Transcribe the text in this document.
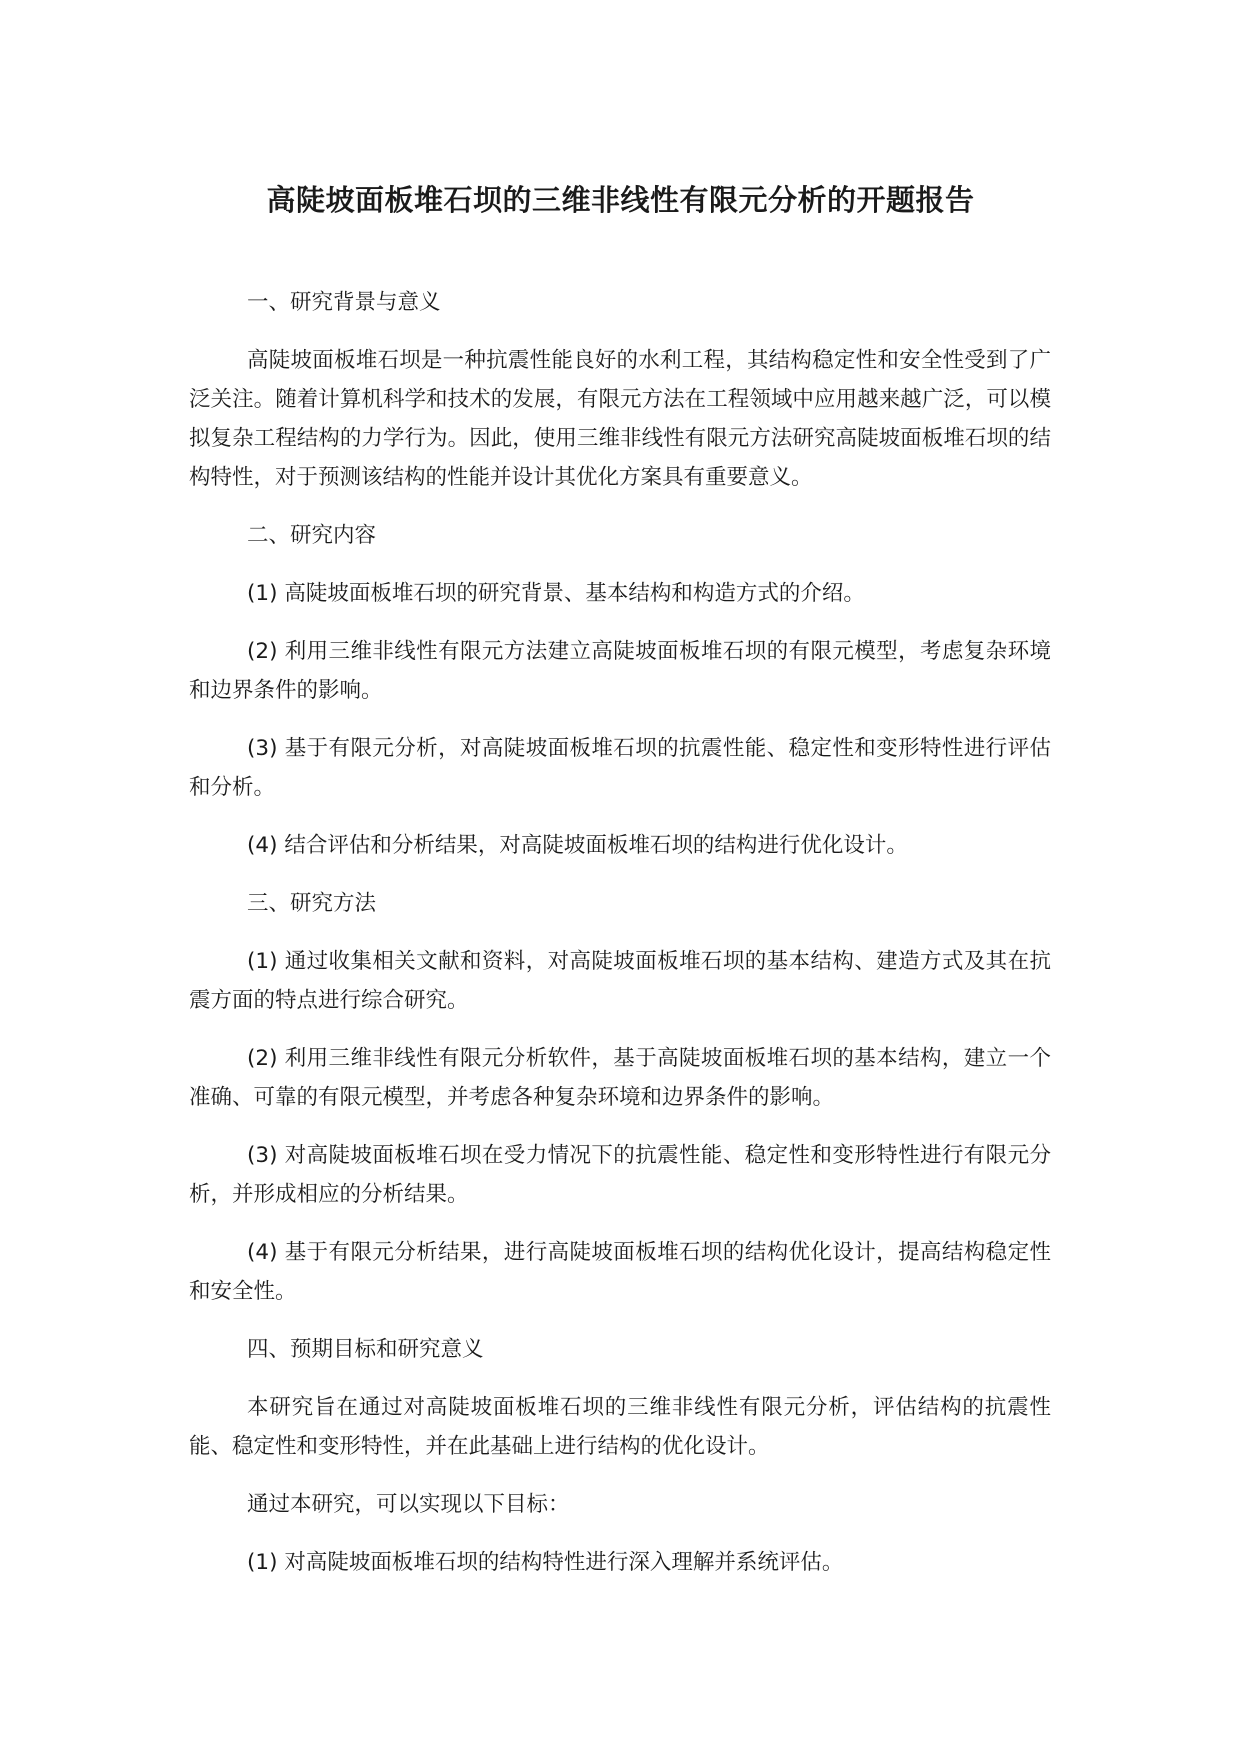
高陡坡面板堆石坝的三维非线性有限元分析的开题报告

一、研究背景与意义

高陡坡面板堆石坝是一种抗震性能良好的水利工程，其结构稳定性和安全性受到了广泛关注。随着计算机科学和技术的发展，有限元方法在工程领域中应用越来越广泛，可以模拟复杂工程结构的力学行为。因此，使用三维非线性有限元方法研究高陡坡面板堆石坝的结构特性，对于预测该结构的性能并设计其优化方案具有重要意义。

二、研究内容

(1) 高陡坡面板堆石坝的研究背景、基本结构和构造方式的介绍。

(2) 利用三维非线性有限元方法建立高陡坡面板堆石坝的有限元模型，考虑复杂环境和边界条件的影响。

(3) 基于有限元分析，对高陡坡面板堆石坝的抗震性能、稳定性和变形特性进行评估和分析。

(4) 结合评估和分析结果，对高陡坡面板堆石坝的结构进行优化设计。

三、研究方法

(1) 通过收集相关文献和资料，对高陡坡面板堆石坝的基本结构、建造方式及其在抗震方面的特点进行综合研究。

(2) 利用三维非线性有限元分析软件，基于高陡坡面板堆石坝的基本结构，建立一个准确、可靠的有限元模型，并考虑各种复杂环境和边界条件的影响。

(3) 对高陡坡面板堆石坝在受力情况下的抗震性能、稳定性和变形特性进行有限元分析，并形成相应的分析结果。

(4) 基于有限元分析结果，进行高陡坡面板堆石坝的结构优化设计，提高结构稳定性和安全性。

四、预期目标和研究意义

本研究旨在通过对高陡坡面板堆石坝的三维非线性有限元分析，评估结构的抗震性能、稳定性和变形特性，并在此基础上进行结构的优化设计。

通过本研究，可以实现以下目标：

(1) 对高陡坡面板堆石坝的结构特性进行深入理解并系统评估。
